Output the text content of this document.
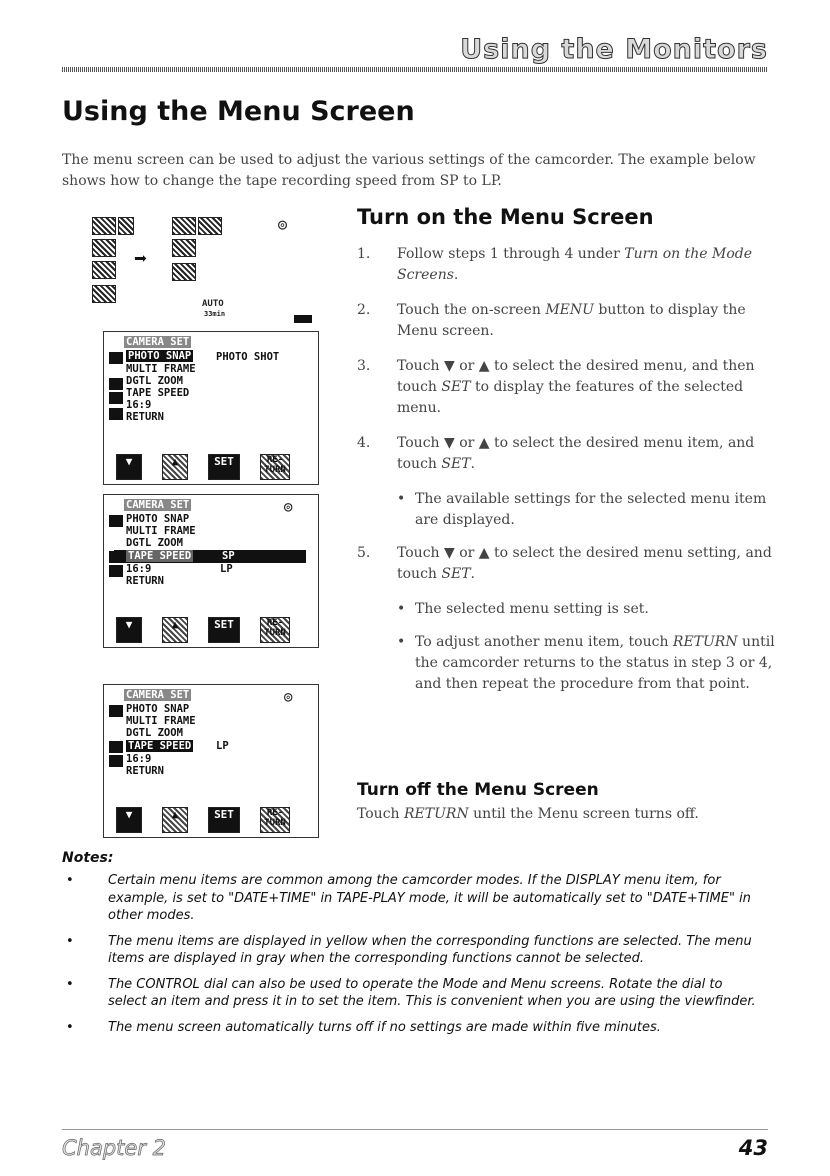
Using the Monitors
Using the Menu Screen
The menu screen can be used to adjust the various settings of the camcorder. The example below shows how to change the tape recording speed from SP to LP.
➡
◎
AUTO
33min
CAMERA SET
PHOTO SNAP PHOTO SHOT
MULTI FRAME
DGTL ZOOM
TAPE SPEED
16:9
RETURN
▼	▲	SET	RE-TURN
CAMERA SET	◎
PHOTO SNAP
MULTI FRAME
DGTL ZOOM
TAPE SPEED	SP
16:9	LP
RETURN
▼	▲	SET	RE-TURN
CAMERA SET	◎
PHOTO SNAP
MULTI FRAME
DGTL ZOOM
TAPE SPEED LP
16:9
RETURN
▼	▲	SET	RE-TURN
Turn on the Menu Screen
1. Follow steps 1 through 4 under Turn on the Mode Screens.
2. Touch the on-screen MENU button to display the Menu screen.
3. Touch ▼ or ▲ to select the desired menu, and then touch SET to display the features of the selected menu.
4. Touch ▼ or ▲ to select the desired menu item, and touch SET.
• The available settings for the selected menu item are displayed.
5. Touch ▼ or ▲ to select the desired menu setting, and touch SET.
• The selected menu setting is set.
• To adjust another menu item, touch RETURN until the camcorder returns to the status in step 3 or 4, and then repeat the procedure from that point.
Turn off the Menu Screen
Touch RETURN until the Menu screen turns off.
Notes:
• Certain menu items are common among the camcorder modes. If the DISPLAY menu item, for example, is set to "DATE+TIME" in TAPE-PLAY mode, it will be automatically set to "DATE+TIME" in other modes.
• The menu items are displayed in yellow when the corresponding functions are selected. The menu items are displayed in gray when the corresponding functions cannot be selected.
• The CONTROL dial can also be used to operate the Mode and Menu screens. Rotate the dial to select an item and press it in to set the item. This is convenient when you are using the viewfinder.
• The menu screen automatically turns off if no settings are made within five minutes.
Chapter 2	43
